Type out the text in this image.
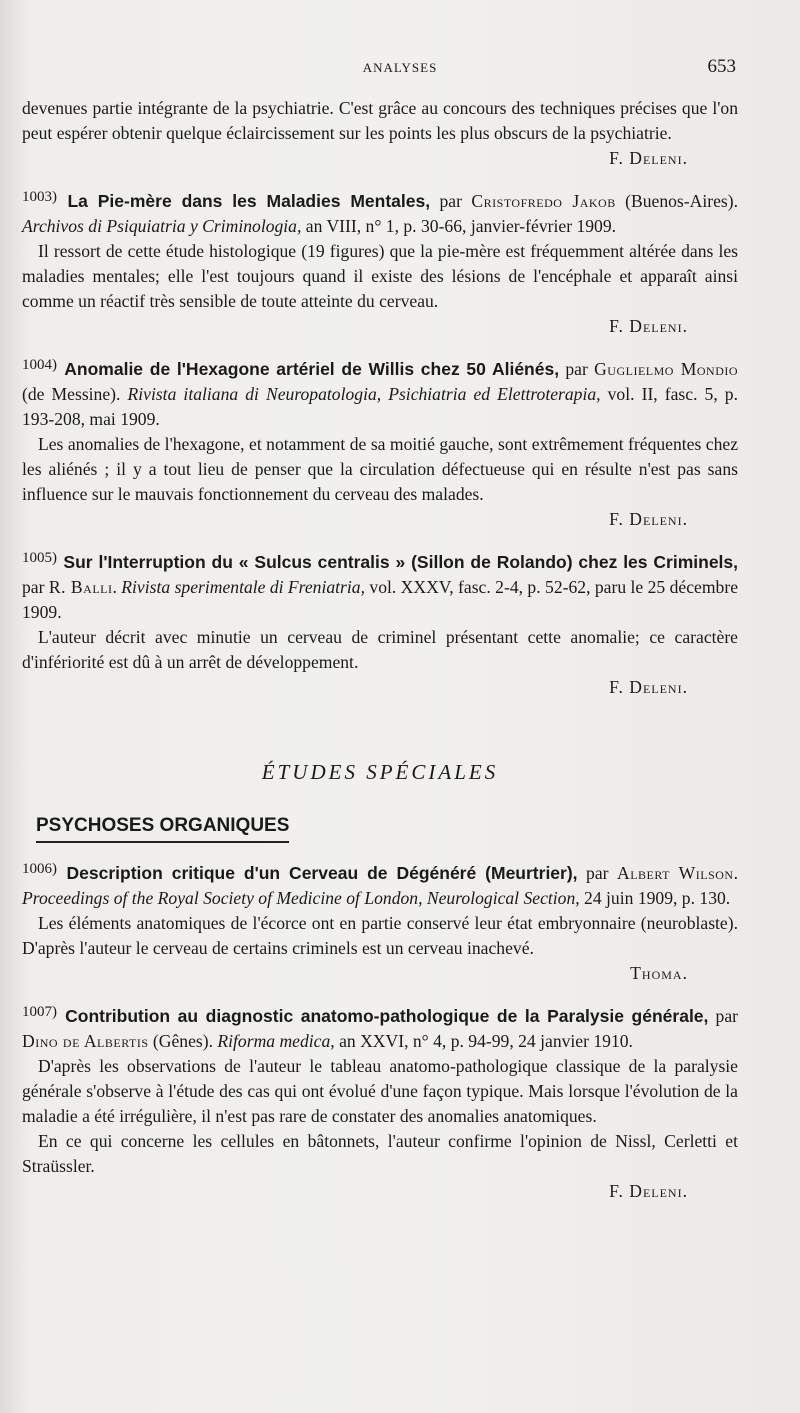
ANALYSES	653

devenues partie intégrante de la psychiatrie. C'est grâce au concours des techniques précises que l'on peut espérer obtenir quelque éclaircissement sur les points les plus obscurs de la psychiatrie.

F. Deleni.

1003) La Pie-mère dans les Maladies Mentales, par Cristofredo Jakob (Buenos-Aires). Archivos di Psiquiatria y Criminologia, an VIII, n° 1, p. 30-66, janvier-février 1909.

Il ressort de cette étude histologique (19 figures) que la pie-mère est fréquemment altérée dans les maladies mentales; elle l'est toujours quand il existe des lésions de l'encéphale et apparaît ainsi comme un réactif très sensible de toute atteinte du cerveau.

F. Deleni.

1004) Anomalie de l'Hexagone artériel de Willis chez 50 Aliénés, par Guglielmo Mondio (de Messine). Rivista italiana di Neuropatologia, Psichiatria ed Elettroterapia, vol. II, fasc. 5, p. 193-208, mai 1909.

Les anomalies de l'hexagone, et notamment de sa moitié gauche, sont extrêmement fréquentes chez les aliénés ; il y a tout lieu de penser que la circulation défectueuse qui en résulte n'est pas sans influence sur le mauvais fonctionnement du cerveau des malades.

F. Deleni.

1005) Sur l'Interruption du « Sulcus centralis » (Sillon de Rolando) chez les Criminels, par R. Balli. Rivista sperimentale di Freniatria, vol. XXXV, fasc. 2-4, p. 52-62, paru le 25 décembre 1909.

L'auteur décrit avec minutie un cerveau de criminel présentant cette anomalie; ce caractère d'infériorité est dû à un arrêt de développement.

F. Deleni.

ÉTUDES SPÉCIALES

PSYCHOSES ORGANIQUES

1006) Description critique d'un Cerveau de Dégénéré (Meurtrier), par Albert Wilson. Proceedings of the Royal Society of Medicine of London, Neurological Section, 24 juin 1909, p. 130.

Les éléments anatomiques de l'écorce ont en partie conservé leur état embryonnaire (neuroblaste). D'après l'auteur le cerveau de certains criminels est un cerveau inachevé.

Thoma.

1007) Contribution au diagnostic anatomo-pathologique de la Paralysie générale, par Dino de Albertis (Gênes). Riforma medica, an XXVI, n° 4, p. 94-99, 24 janvier 1910.

D'après les observations de l'auteur le tableau anatomo-pathologique classique de la paralysie générale s'observe à l'étude des cas qui ont évolué d'une façon typique. Mais lorsque l'évolution de la maladie a été irrégulière, il n'est pas rare de constater des anomalies anatomiques.

En ce qui concerne les cellules en bâtonnets, l'auteur confirme l'opinion de Nissl, Cerletti et Straüssler.

F. Deleni.
